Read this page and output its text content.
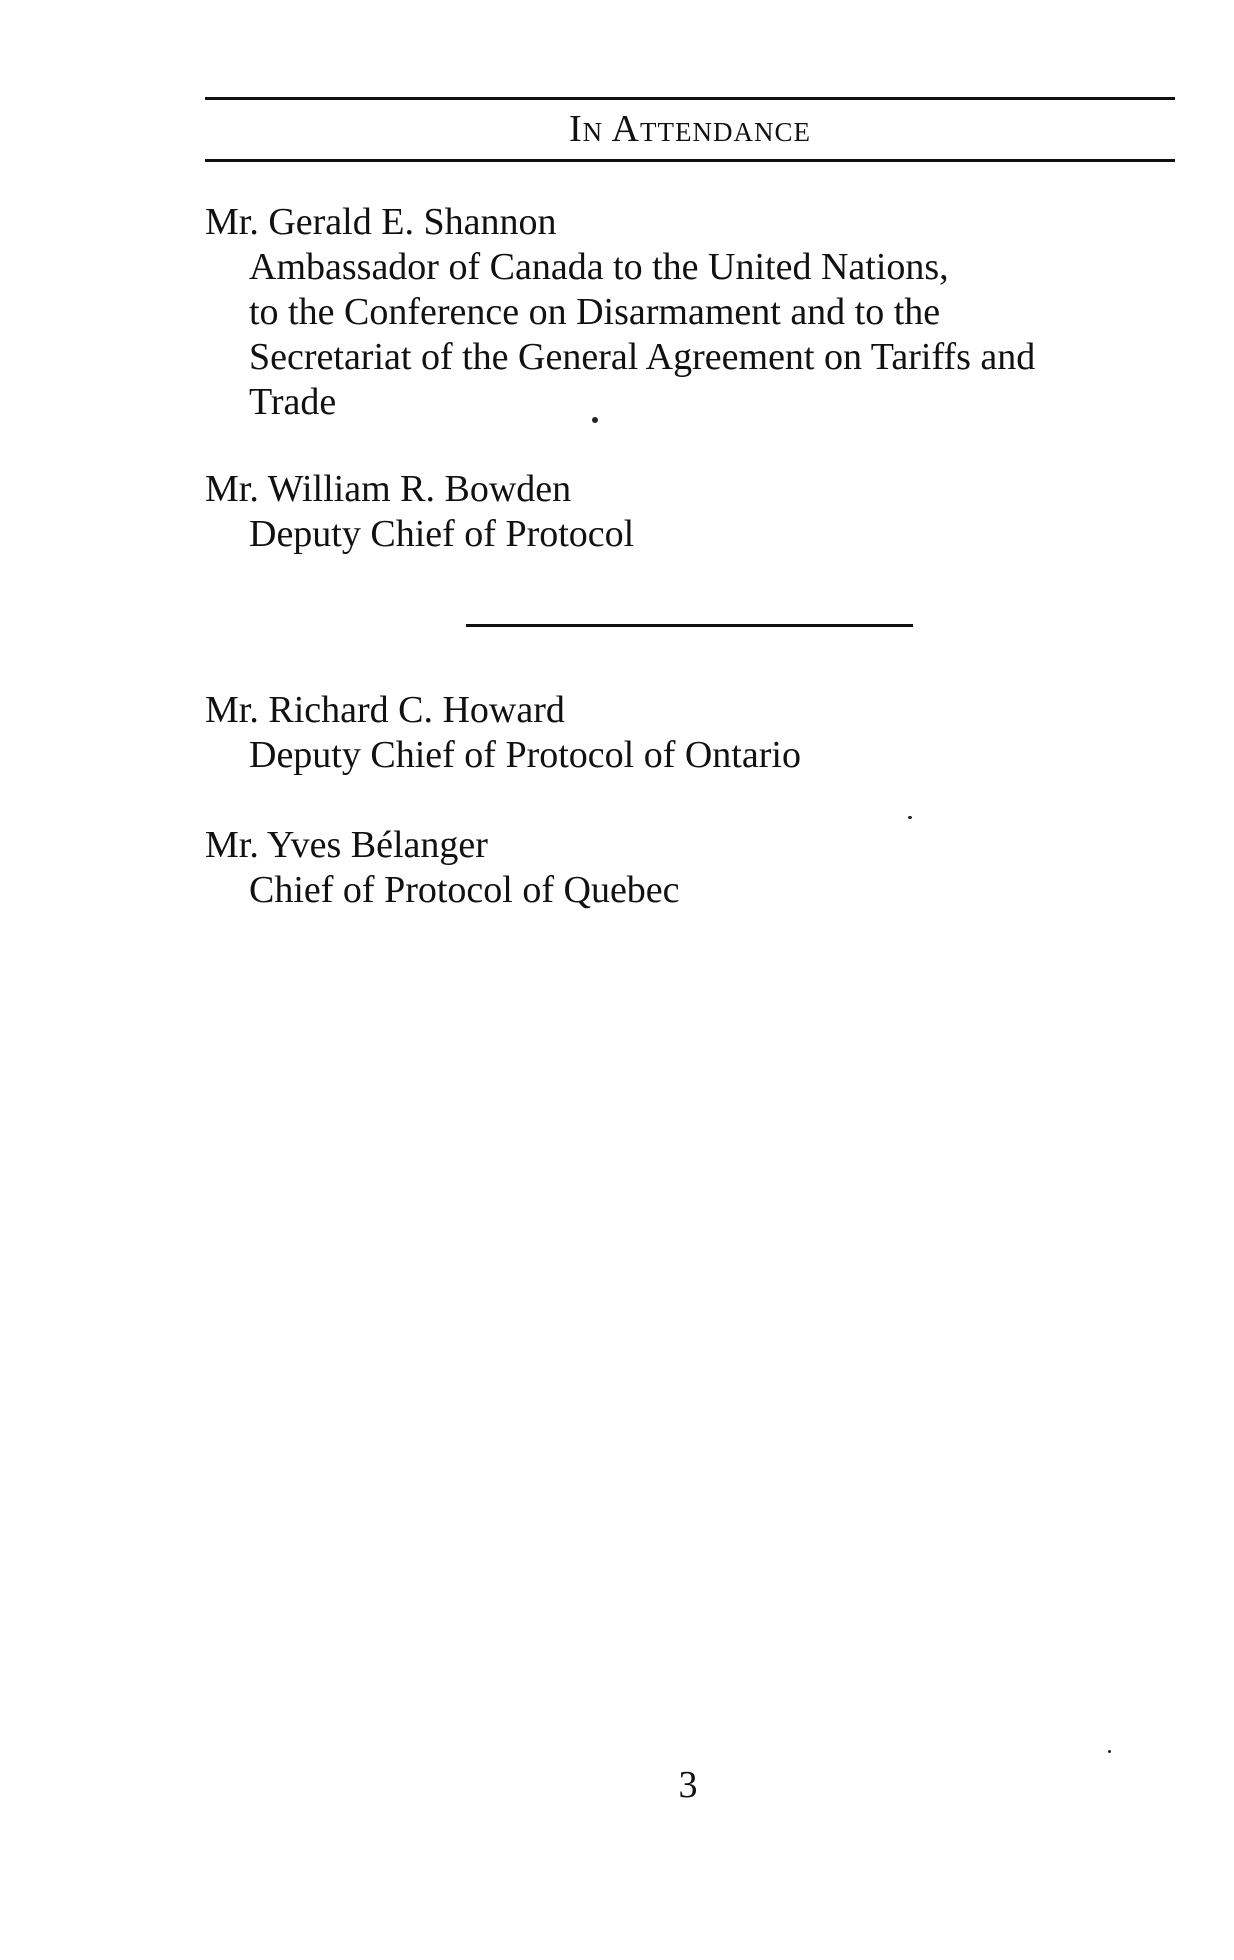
In Attendance
Mr. Gerald E. Shannon
Ambassador of Canada to the United Nations,
to the Conference on Disarmament and to the
Secretariat of the General Agreement on Tariffs and
Trade
Mr. William R. Bowden
Deputy Chief of Protocol
Mr. Richard C. Howard
Deputy Chief of Protocol of Ontario
Mr. Yves Bélanger
Chief of Protocol of Quebec
3
